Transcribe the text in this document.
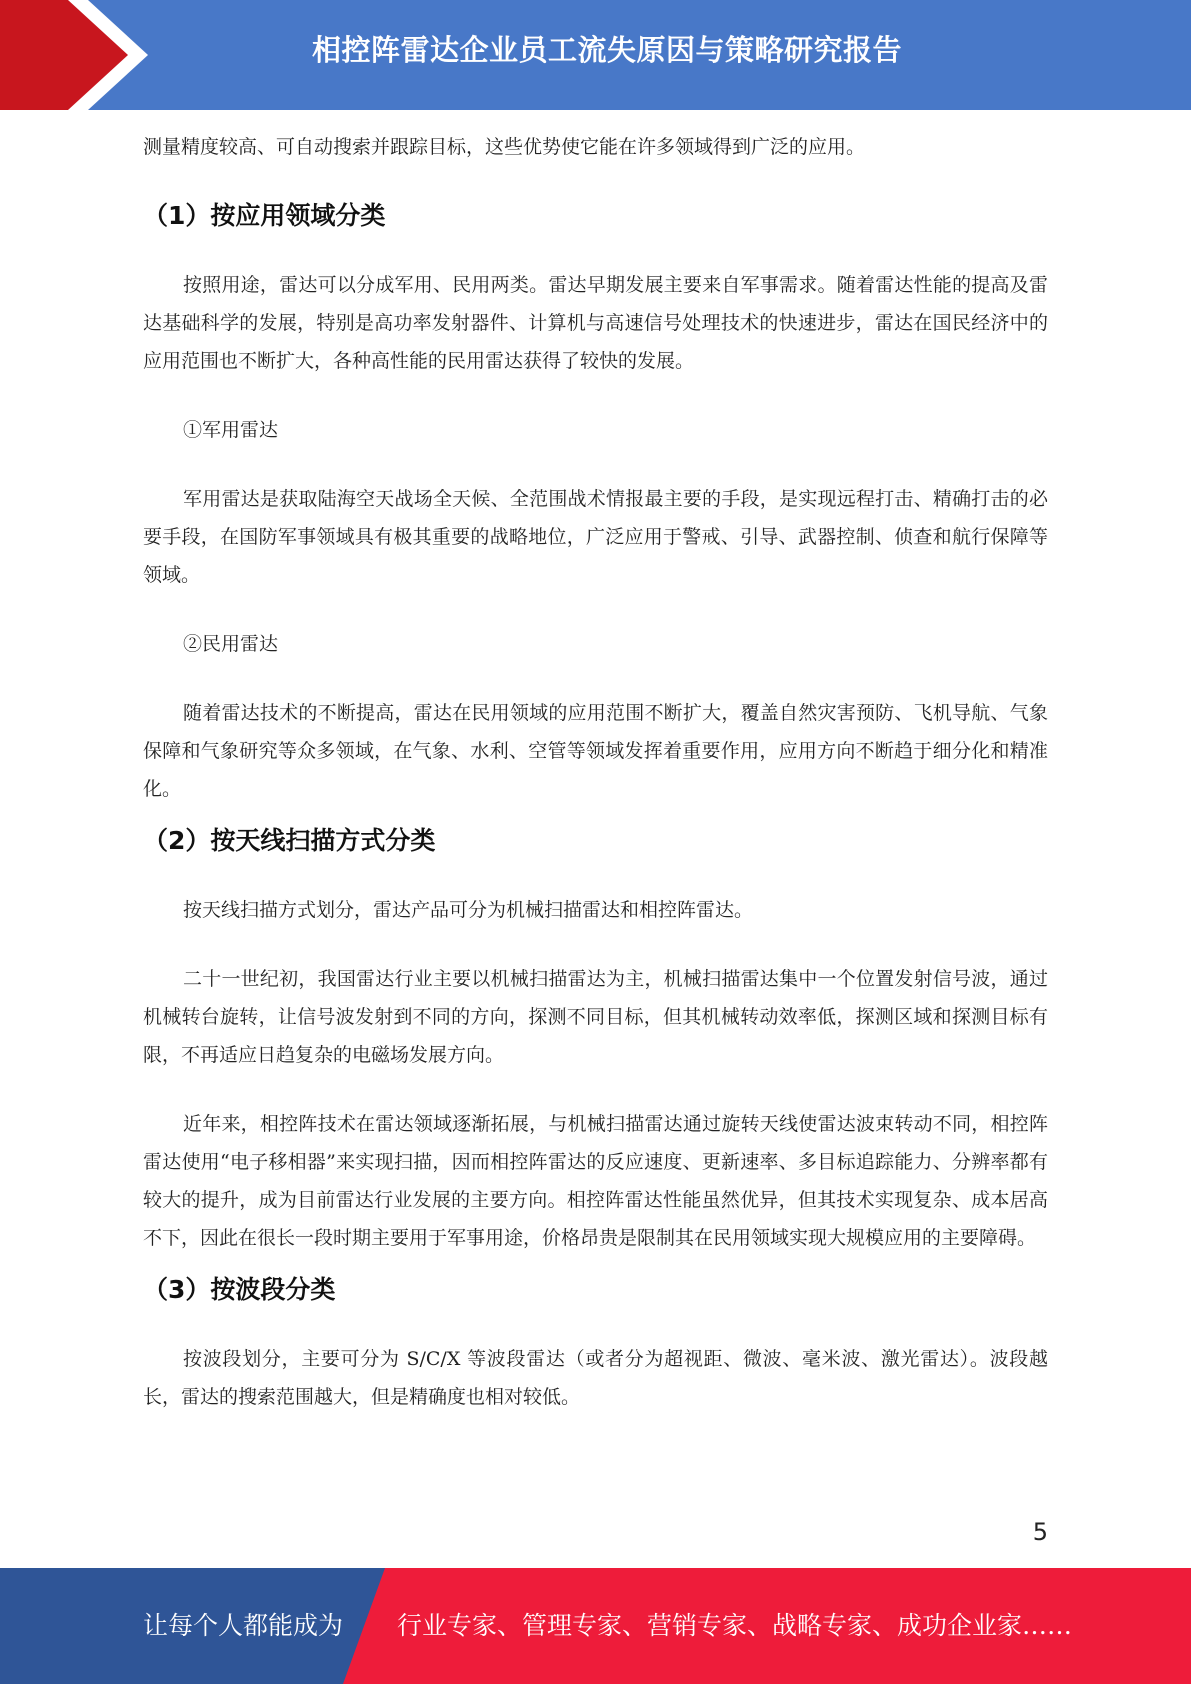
相控阵雷达企业员工流失原因与策略研究报告

测量精度较高、可自动搜索并跟踪目标，这些优势使它能在许多领域得到广泛的应用。

（1）按应用领域分类

按照用途，雷达可以分成军用、民用两类。雷达早期发展主要来自军事需求。随着雷达性能的提高及雷达基础科学的发展，特别是高功率发射器件、计算机与高速信号处理技术的快速进步，雷达在国民经济中的应用范围也不断扩大，各种高性能的民用雷达获得了较快的发展。

①军用雷达

军用雷达是获取陆海空天战场全天候、全范围战术情报最主要的手段，是实现远程打击、精确打击的必要手段，在国防军事领域具有极其重要的战略地位，广泛应用于警戒、引导、武器控制、侦查和航行保障等领域。

②民用雷达

随着雷达技术的不断提高，雷达在民用领域的应用范围不断扩大，覆盖自然灾害预防、飞机导航、气象保障和气象研究等众多领域，在气象、水利、空管等领域发挥着重要作用，应用方向不断趋于细分化和精准化。

（2）按天线扫描方式分类

按天线扫描方式划分，雷达产品可分为机械扫描雷达和相控阵雷达。

二十一世纪初，我国雷达行业主要以机械扫描雷达为主，机械扫描雷达集中一个位置发射信号波，通过机械转台旋转，让信号波发射到不同的方向，探测不同目标，但其机械转动效率低，探测区域和探测目标有限，不再适应日趋复杂的电磁场发展方向。

近年来，相控阵技术在雷达领域逐渐拓展，与机械扫描雷达通过旋转天线使雷达波束转动不同，相控阵雷达使用“电子移相器”来实现扫描，因而相控阵雷达的反应速度、更新速率、多目标追踪能力、分辨率都有较大的提升，成为目前雷达行业发展的主要方向。相控阵雷达性能虽然优异，但其技术实现复杂、成本居高不下，因此在很长一段时期主要用于军事用途，价格昂贵是限制其在民用领域实现大规模应用的主要障碍。

（3）按波段分类

按波段划分，主要可分为 S/C/X 等波段雷达（或者分为超视距、微波、毫米波、激光雷达）。波段越长，雷达的搜索范围越大，但是精确度也相对较低。

5
让每个人都能成为 行业专家、管理专家、营销专家、战略专家、成功企业家……
